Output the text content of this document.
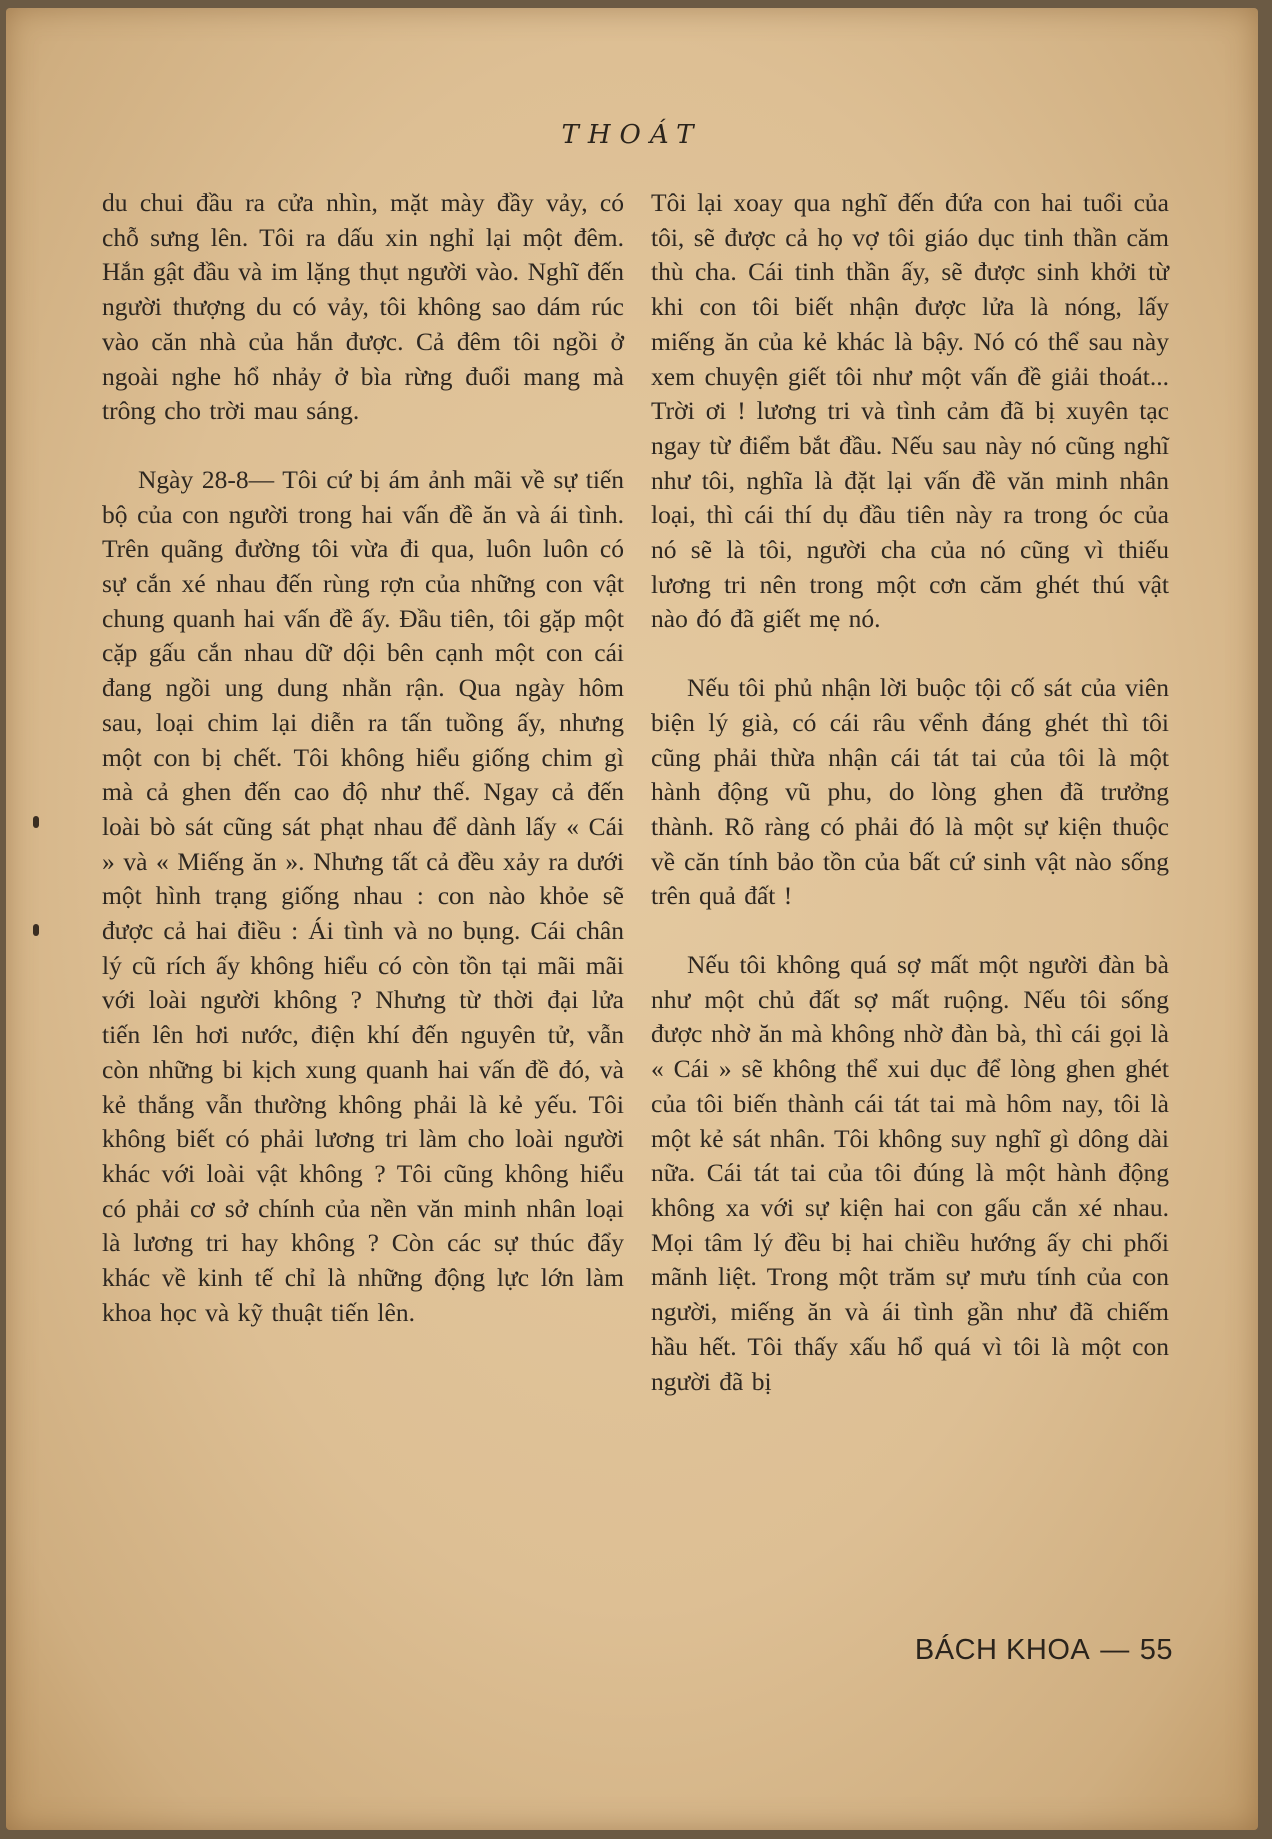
THOÁT

du chui đầu ra cửa nhìn, mặt mày đầy vảy, có chỗ sưng lên. Tôi ra dấu xin nghỉ lại một đêm. Hắn gật đầu và im lặng thụt người vào. Nghĩ đến người thượng du có vảy, tôi không sao dám rúc vào căn nhà của hắn được. Cả đêm tôi ngồi ở ngoài nghe hổ nhảy ở bìa rừng đuổi mang mà trông cho trời mau sáng.

Ngày 28-8— Tôi cứ bị ám ảnh mãi về sự tiến bộ của con người trong hai vấn đề ăn và ái tình. Trên quãng đường tôi vừa đi qua, luôn luôn có sự cắn xé nhau đến rùng rợn của những con vật chung quanh hai vấn đề ấy. Đầu tiên, tôi gặp một cặp gấu cắn nhau dữ dội bên cạnh một con cái đang ngồi ung dung nhằn rận. Qua ngày hôm sau, loại chim lại diễn ra tấn tuồng ấy, nhưng một con bị chết. Tôi không hiểu giống chim gì mà cả ghen đến cao độ như thế. Ngay cả đến loài bò sát cũng sát phạt nhau để dành lấy « Cái » và « Miếng ăn ». Nhưng tất cả đều xảy ra dưới một hình trạng giống nhau : con nào khỏe sẽ được cả hai điều : Ái tình và no bụng. Cái chân lý cũ rích ấy không hiểu có còn tồn tại mãi mãi với loài người không ? Nhưng từ thời đại lửa tiến lên hơi nước, điện khí đến nguyên tử, vẫn còn những bi kịch xung quanh hai vấn đề đó, và kẻ thắng vẫn thường không phải là kẻ yếu. Tôi không biết có phải lương tri làm cho loài người khác với loài vật không ? Tôi cũng không hiểu có phải cơ sở chính của nền văn minh nhân loại là lương tri hay không ? Còn các sự thúc đẩy khác về kinh tế chỉ là những động lực lớn làm khoa học và kỹ thuật tiến lên.

Tôi lại xoay qua nghĩ đến đứa con hai tuổi của tôi, sẽ được cả họ vợ tôi giáo dục tinh thần căm thù cha. Cái tinh thần ấy, sẽ được sinh khởi từ khi con tôi biết nhận được lửa là nóng, lấy miếng ăn của kẻ khác là bậy. Nó có thể sau này xem chuyện giết tôi như một vấn đề giải thoát... Trời ơi ! lương tri và tình cảm đã bị xuyên tạc ngay từ điểm bắt đầu. Nếu sau này nó cũng nghĩ như tôi, nghĩa là đặt lại vấn đề văn minh nhân loại, thì cái thí dụ đầu tiên này ra trong óc của nó sẽ là tôi, người cha của nó cũng vì thiếu lương tri nên trong một cơn căm ghét thú vật nào đó đã giết mẹ nó.

Nếu tôi phủ nhận lời buộc tội cố sát của viên biện lý già, có cái râu vểnh đáng ghét thì tôi cũng phải thừa nhận cái tát tai của tôi là một hành động vũ phu, do lòng ghen đã trưởng thành. Rõ ràng có phải đó là một sự kiện thuộc về căn tính bảo tồn của bất cứ sinh vật nào sống trên quả đất !

Nếu tôi không quá sợ mất một người đàn bà như một chủ đất sợ mất ruộng. Nếu tôi sống được nhờ ăn mà không nhờ đàn bà, thì cái gọi là « Cái » sẽ không thể xui dục để lòng ghen ghét của tôi biến thành cái tát tai mà hôm nay, tôi là một kẻ sát nhân. Tôi không suy nghĩ gì dông dài nữa. Cái tát tai của tôi đúng là một hành động không xa với sự kiện hai con gấu cắn xé nhau. Mọi tâm lý đều bị hai chiều hướng ấy chi phối mãnh liệt. Trong một trăm sự mưu tính của con người, miếng ăn và ái tình gần như đã chiếm hầu hết. Tôi thấy xấu hổ quá vì tôi là một con người đã bị

BÁCH KHOA — 55
